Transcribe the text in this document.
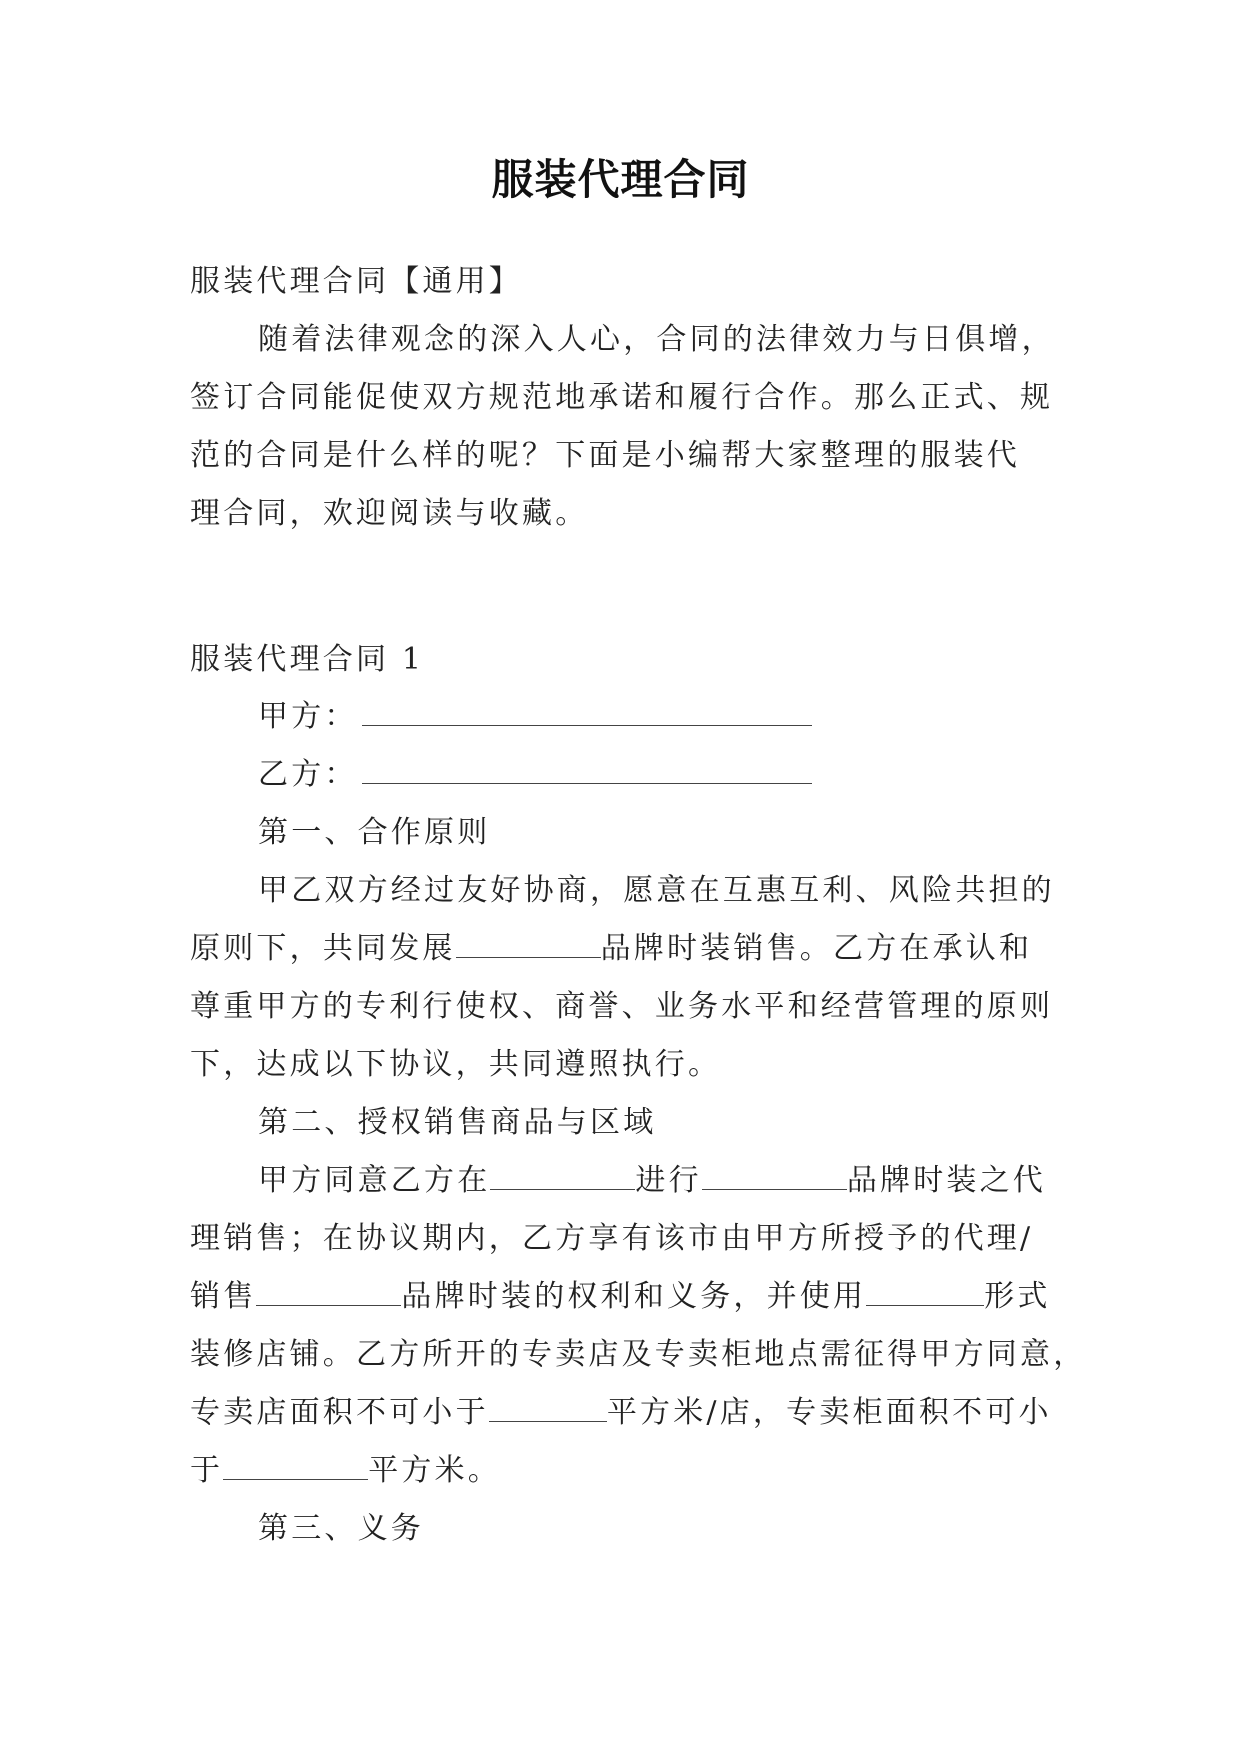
服装代理合同
服装代理合同【通用】
随着法律观念的深入人心，合同的法律效力与日俱增，
签订合同能促使双方规范地承诺和履行合作。那么正式、规
范的合同是什么样的呢？下面是小编帮大家整理的服装代
理合同，欢迎阅读与收藏。
服装代理合同 1
甲方：
乙方：
第一、合作原则
甲乙双方经过友好协商，愿意在互惠互利、风险共担的
原则下，共同发展	品牌时装销售。乙方在承认和
尊重甲方的专利行使权、商誉、业务水平和经营管理的原则
下，达成以下协议，共同遵照执行。
第二、授权销售商品与区域
甲方同意乙方在	进行	品牌时装之代
理销售；在协议期内，乙方享有该市由甲方所授予的代理/
销售	品牌时装的权利和义务，并使用	形式
装修店铺。乙方所开的专卖店及专卖柜地点需征得甲方同意，
专卖店面积不可小于	平方米/店，专卖柜面积不可小
于	平方米。
第三、义务
